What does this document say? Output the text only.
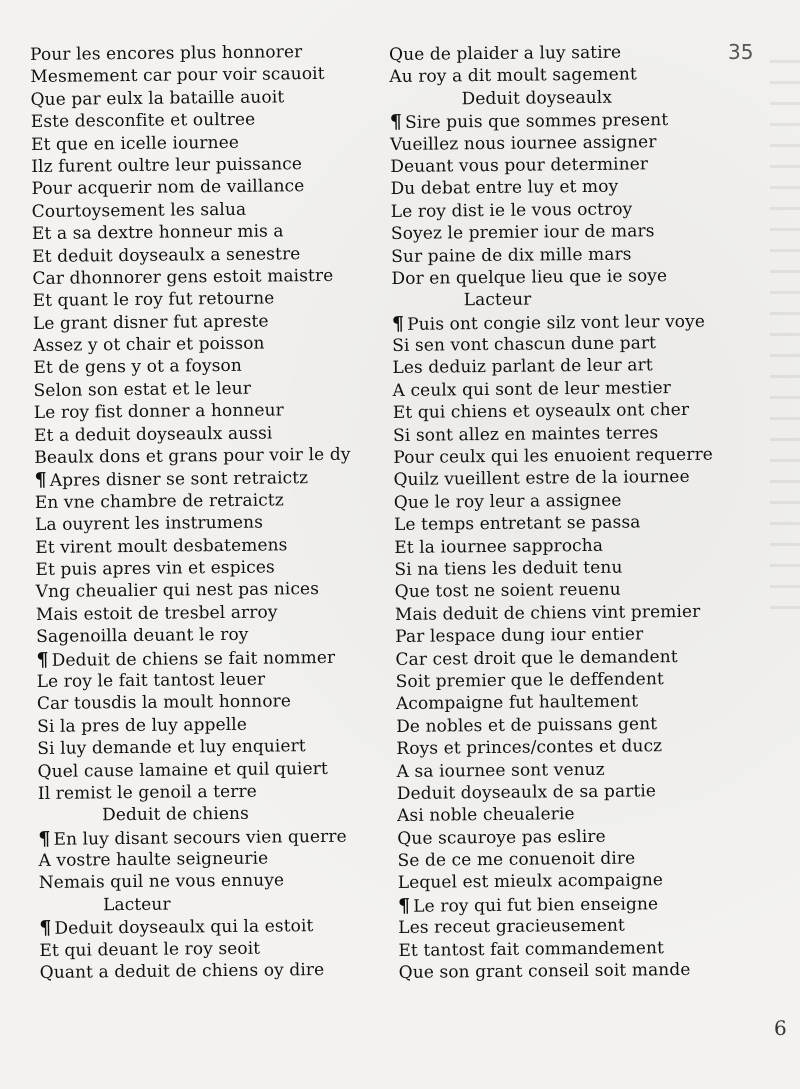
35
Pour les encores plus honnorer
Mesmement car pour voir scauoit
Que par eulx la bataille auoit
Este desconfite et oultree
Et que en icelle iournee
Ilz furent oultre leur puissance
Pour acquerir nom de vaillance
Courtoysement les salua
Et a sa dextre honneur mis a
Et deduit doyseaulx a senestre
Car dhonnorer gens estoit maistre
Et quant le roy fut retourne
Le grant disner fut apreste
Assez y ot chair et poisson
Et de gens y ot a foyson
Selon son estat et le leur
Le roy fist donner a honneur
Et a deduit doyseaulx aussi
Beaulx dons et grans pour voir le dy
¶ Apres disner se sont retraictz
En vne chambre de retraictz
La ouyrent les instrumens
Et virent moult desbatemens
Et puis apres vin et espices
Vng cheualier qui nest pas nices
Mais estoit de tresbel arroy
Sagenoilla deuant le roy
¶ Deduit de chiens se fait nommer
Le roy le fait tantost leuer
Car tousdis la moult honnore
Si la pres de luy appelle
Si luy demande et luy enquiert
Quel cause lamaine et quil quiert
Il remist le genoil a terre
Deduit de chiens
¶ En luy disant secours vien querre
A vostre haulte seigneurie
Nemais quil ne vous ennuye
Lacteur
¶ Deduit doyseaulx qui la estoit
Et qui deuant le roy seoit
Quant a deduit de chiens oy dire
Que de plaider a luy satire
Au roy a dit moult sagement
Deduit doyseaulx
¶ Sire puis que sommes present
Vueillez nous iournee assigner
Deuant vous pour determiner
Du debat entre luy et moy
Le roy dist ie le vous octroy
Soyez le premier iour de mars
Sur paine de dix mille mars
Dor en quelque lieu que ie soye
Lacteur
¶ Puis ont congie silz vont leur voye
Si sen vont chascun dune part
Les deduiz parlant de leur art
A ceulx qui sont de leur mestier
Et qui chiens et oyseaulx ont cher
Si sont allez en maintes terres
Pour ceulx qui les enuoient requerre
Quilz vueillent estre de la iournee
Que le roy leur a assignee
Le temps entretant se passa
Et la iournee sapprocha
Si na tiens les deduit tenu
Que tost ne soient reuenu
Mais deduit de chiens vint premier
Par lespace dung iour entier
Car cest droit que le demandent
Soit premier que le deffendent
Acompaigne fut haultement
De nobles et de puissans gent
Roys et princes/contes et ducz
A sa iournee sont venuz
Deduit doyseaulx de sa partie
Asi noble cheualerie
Que scauroye pas eslire
Se de ce me conuenoit dire
Lequel est mieulx acompaigne
¶ Le roy qui fut bien enseigne
Les receut gracieusement
Et tantost fait commandement
Que son grant conseil soit mande
6
